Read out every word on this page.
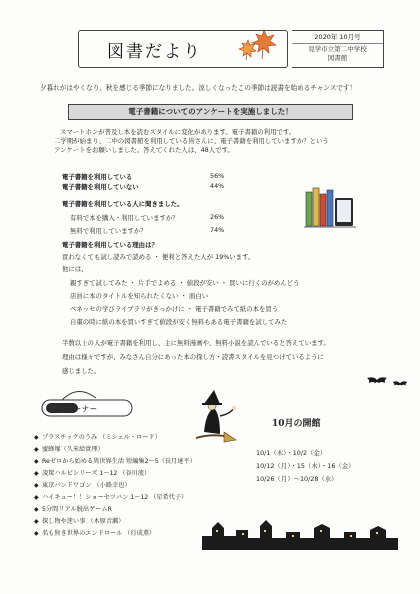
図書だより
2020年 10月号
見学市立第二中学校
図書館
夕暮れがはやくなり、秋を感じる季節になりました。涼しくなったこの季節は読書を始めるチャンスです！
電子書籍についてのアンケートを実施しました！
スマートホンが普及し本を読むスタイルに変化があります。電子書籍の利用です。
二学期が始まり、二中の図書館を利用している皆さんに、電子書籍を利用していますか？という
アンケートをお願いしました。答えてくれた人は、48人です。
電子書籍を利用している	56%
電子書籍を利用していない	44%
電子書籍を利用している人に聞きました。
有料で本を購入・利用していますか？	26%
無料で利用していますか？	74%
電子書籍を利用している理由は？
買わなくても試し読みで読める ・ 便利と答えた人が 19%います。
他には、
親すぎて試してみた ・ 片手でよめる ・ 値段が安い ・ 買いに行くのがめんどう
店員に本のタイトルを知られたくない ・ 面白い
ペネッセの学びライブラリがきっかけに ・ 電子書籍でみて紙の本を買う
自粛の時に紙の本を買いすぎて値段が安く無料もある電子書籍を試してみた
半数以上の人が電子書籍を利用し、主に無料漫画や、無料小説を読んでいると答えています。
理由は様々ですが、みなさん自分にあった本の探し方・読書スタイルを見つけているように
感じました。
新刊コーナー
10月の開館
◆ プラスチックのうみ （ミシェル・ロード）
◆ 蜜蜂塚（久米絵實理）
◆ Reゼロから始める異世界生活 短編集2〜5（長月達平）
◆ 凌駕ハルビシリーズ 1〜12 （谷川流）
◆ 東京バンドワゴン （小路幸也）
◆ ハイキュー！！ショーセツバン 1〜12 （星希代子）
◆ 5分間リアル脱出ゲームR
◆ 探し物や迷い事 （木原音瀬）
◆ 名も無き世界のエンドロール （行成薫）
10/1（木）・10/2（金）
10/12（月）・15（木）・16（金）
10/26（月）〜10/28（水）
